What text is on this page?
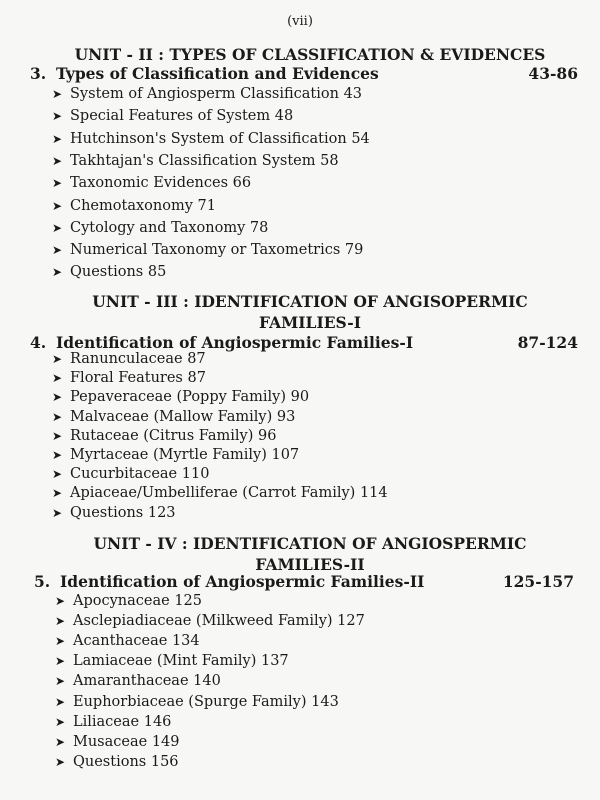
(vii)
UNIT - II : TYPES OF CLASSIFICATION & EVIDENCES
3. Types of Classification and Evidences	43-86
➤ System of Angiosperm Classification 43
➤ Special Features of System 48
➤ Hutchinson's System of Classification 54
➤ Takhtajan's Classification System 58
➤ Taxonomic Evidences 66
➤ Chemotaxonomy 71
➤ Cytology and Taxonomy 78
➤ Numerical Taxonomy or Taxometrics 79
➤ Questions 85
UNIT - III : IDENTIFICATION OF ANGISOPERMIC
FAMILIES-I
4. Identification of Angiospermic Families-I	87-124
➤ Ranunculaceae 87
➤ Floral Features 87
➤ Pepaveraceae (Poppy Family) 90
➤ Malvaceae (Mallow Family) 93
➤ Rutaceae (Citrus Family) 96
➤ Myrtaceae (Myrtle Family) 107
➤ Cucurbitaceae 110
➤ Apiaceae/Umbelliferae (Carrot Family) 114
➤ Questions 123
UNIT - IV : IDENTIFICATION OF ANGIOSPERMIC
FAMILIES-II
5. Identification of Angiospermic Families-II	125-157
➤ Apocynaceae 125
➤ Asclepiadiaceae (Milkweed Family) 127
➤ Acanthaceae 134
➤ Lamiaceae (Mint Family) 137
➤ Amaranthaceae 140
➤ Euphorbiaceae (Spurge Family) 143
➤ Liliaceae 146
➤ Musaceae 149
➤ Questions 156
